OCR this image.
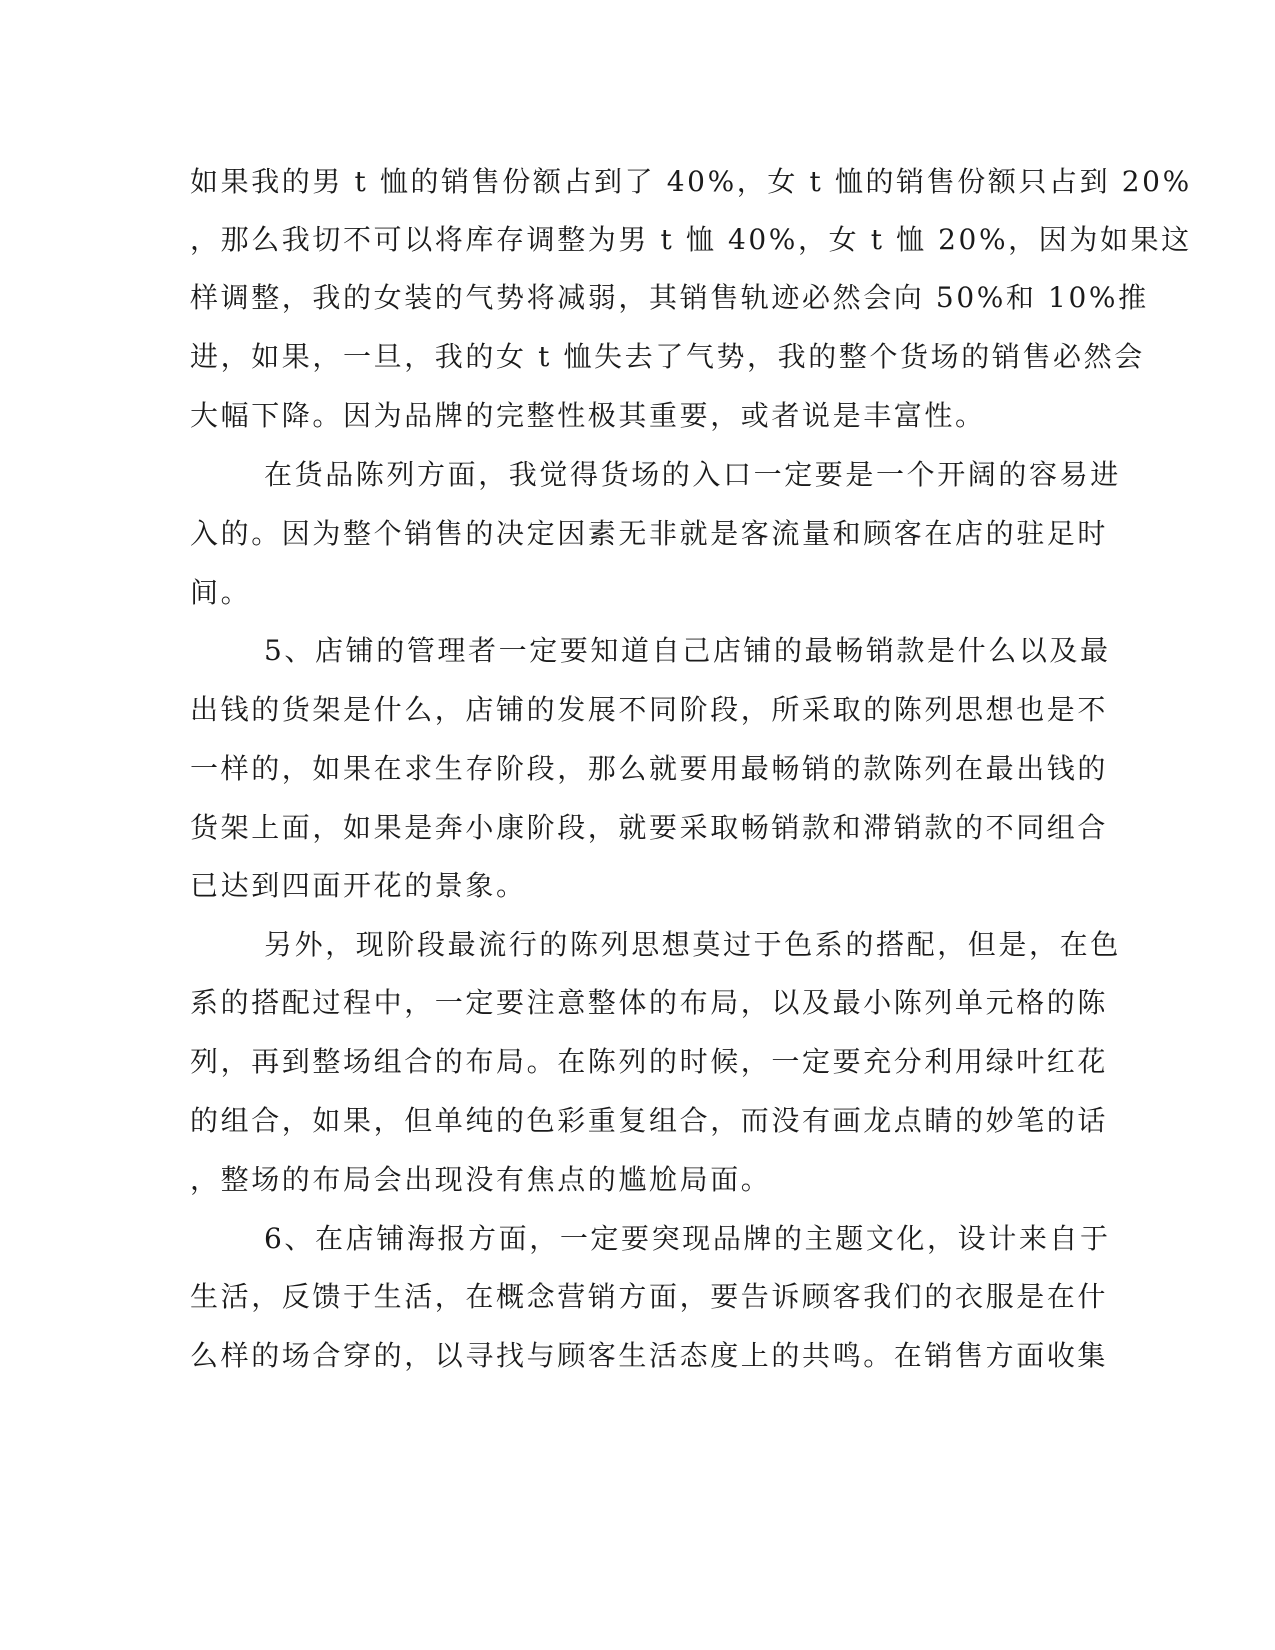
如果我的男 t 恤的销售份额占到了 40%，女 t 恤的销售份额只占到 20%
，那么我切不可以将库存调整为男 t 恤 40%，女 t 恤 20%，因为如果这
样调整，我的女装的气势将减弱，其销售轨迹必然会向 50%和 10%推
进，如果，一旦，我的女 t 恤失去了气势，我的整个货场的销售必然会
大幅下降。因为品牌的完整性极其重要，或者说是丰富性。
在货品陈列方面，我觉得货场的入口一定要是一个开阔的容易进
入的。因为整个销售的决定因素无非就是客流量和顾客在店的驻足时
间。
5、店铺的管理者一定要知道自己店铺的最畅销款是什么以及最
出钱的货架是什么，店铺的发展不同阶段，所采取的陈列思想也是不
一样的，如果在求生存阶段，那么就要用最畅销的款陈列在最出钱的
货架上面，如果是奔小康阶段，就要采取畅销款和滞销款的不同组合
已达到四面开花的景象。
另外，现阶段最流行的陈列思想莫过于色系的搭配，但是，在色
系的搭配过程中，一定要注意整体的布局，以及最小陈列单元格的陈
列，再到整场组合的布局。在陈列的时候，一定要充分利用绿叶红花
的组合，如果，但单纯的色彩重复组合，而没有画龙点睛的妙笔的话
，整场的布局会出现没有焦点的尴尬局面。
6、在店铺海报方面，一定要突现品牌的主题文化，设计来自于
生活，反馈于生活，在概念营销方面，要告诉顾客我们的衣服是在什
么样的场合穿的，以寻找与顾客生活态度上的共鸣。在销售方面收集
